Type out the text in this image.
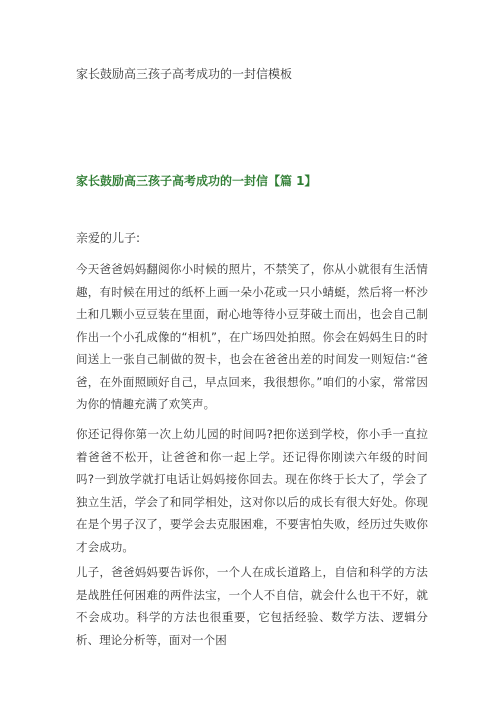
家长鼓励高三孩子高考成功的一封信模板
家长鼓励高三孩子高考成功的一封信【篇 1】
亲爱的儿子:

今天爸爸妈妈翻阅你小时候的照片，不禁笑了，你从小就很有生活情趣，有时候在用过的纸杯上画一朵小花或一只小蜻蜓，然后将一杯沙土和几颗小豆豆装在里面，耐心地等待小豆芽破土而出，也会自己制作出一个小孔成像的“相机”，在广场四处拍照。你会在妈妈生日的时间送上一张自己制做的贺卡，也会在爸爸出差的时间发一则短信:“爸爸，在外面照顾好自己，早点回来，我很想你。”咱们的小家，常常因为你的情趣充满了欢笑声。

你还记得你第一次上幼儿园的时间吗?把你送到学校，你小手一直拉着爸爸不松开，让爸爸和你一起上学。还记得你刚读六年级的时间吗?一到放学就打电话让妈妈接你回去。现在你终于长大了，学会了独立生活，学会了和同学相处，这对你以后的成长有很大好处。你现在是个男子汉了，要学会去克服困难，不要害怕失败，经历过失败你才会成功。

儿子，爸爸妈妈要告诉你，一个人在成长道路上，自信和科学的方法是战胜任何困难的两件法宝，一个人不自信，就会什么也干不好，就不会成功。科学的方法也很重要，它包括经验、数学方法、逻辑分析、理论分析等，面对一个困
